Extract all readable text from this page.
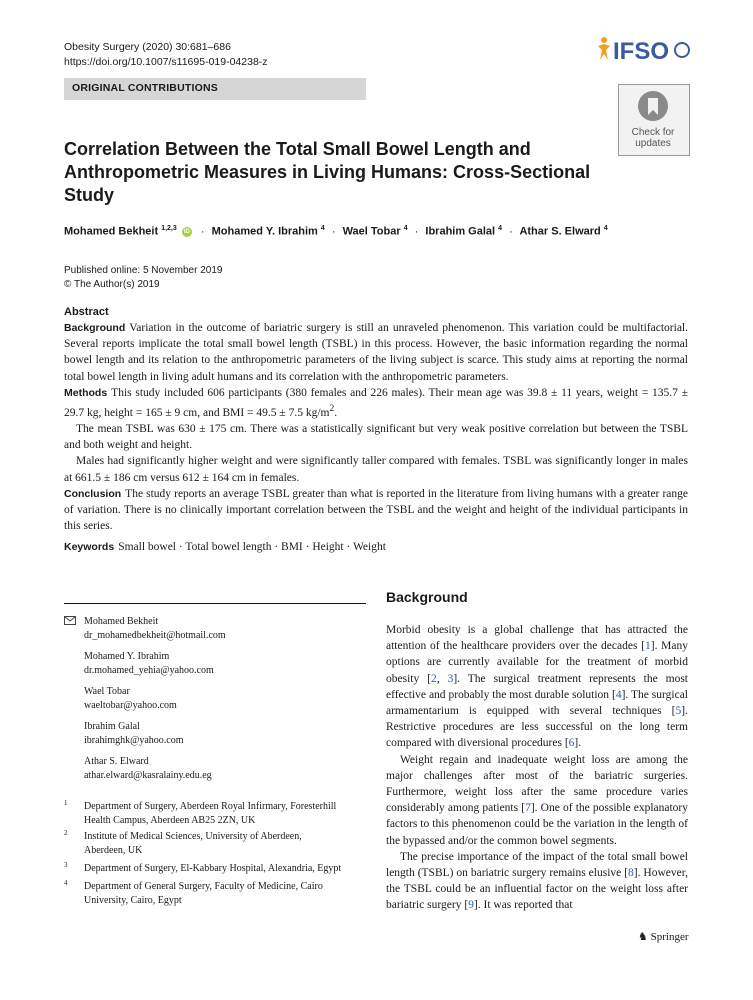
Obesity Surgery (2020) 30:681–686
https://doi.org/10.1007/s11695-019-04238-z	IFSO
ORIGINAL CONTRIBUTIONS
Check for
updates
Correlation Between the Total Small Bowel Length and Anthropometric Measures in Living Humans: Cross-Sectional Study
Mohamed Bekheit $^{1,2,3}$ iD · Mohamed Y. Ibrahim $^4$ · Wael Tobar $^4$ · Ibrahim Galal $^4$ · Athar S. Elward $^4$
Published online: 5 November 2019
© The Author(s) 2019
Abstract

Background Variation in the outcome of bariatric surgery is still an unraveled phenomenon. This variation could be multifactorial. Several reports implicate the total small bowel length (TSBL) in this process. However, the basic information regarding the normal bowel length and its relation to the anthropometric parameters of the living subject is scarce. This study aims at reporting the normal total bowel length in living adult humans and its correlation with the anthropometric parameters.

Methods This study included 606 participants (380 females and 226 males). Their mean age was 39.8 ± 11 years, weight = 135.7 ± 29.7 kg, height = 165 ± 9 cm, and BMI = 49.5 ± 7.5 $kg/m^2$.

The mean TSBL was 630 ± 175 cm. There was a statistically significant but very weak positive correlation but between the TSBL and both weight and height.

Males had significantly higher weight and were significantly taller compared with females. TSBL was significantly longer in males at 661.5 ± 186 cm versus 612 ± 164 cm in females.

Conclusion The study reports an average TSBL greater than what is reported in the literature from living humans with a greater range of variation. There is no clinically important correlation between the TSBL and the weight and height of the individual participants in this series.

Keywords Small bowel · Total bowel length · BMI · Height · Weight
Mohamed Bekheit
dr_mohamedbekheit@hotmail.com
Mohamed Y. Ibrahim
dr.mohamed_yehia@yahoo.com
Wael Tobar
waeltobar@yahoo.com
Ibrahim Galal
ibrahimghk@yahoo.com
Athar S. Elward
athar.elward@kasralainy.edu.eg
1 Department of Surgery, Aberdeen Royal Infirmary, Foresterhill
Health Campus, Aberdeen AB25 2ZN, UK
2 Institute of Medical Sciences, University of Aberdeen,
Aberdeen, UK
3 Department of Surgery, El-Kabbary Hospital, Alexandria, Egypt
4 Department of General Surgery, Faculty of Medicine, Cairo
University, Cairo, Egypt
Background

Morbid obesity is a global challenge that has attracted the attention of the healthcare providers over the decades [1]. Many options are currently available for the treatment of morbid obesity [2, 3]. The surgical treatment represents the most effective and probably the most durable solution [4]. The surgical armamentarium is equipped with several techniques [5]. Restrictive procedures are less successful on the long term compared with diversional procedures [6].

Weight regain and inadequate weight loss are among the major challenges after most of the bariatric surgeries. Furthermore, weight loss after the same procedure varies considerably among patients [7]. One of the possible explanatory factors to this phenomenon could be the variation in the length of the bypassed and/or the common bowel segments.

The precise importance of the impact of the total small bowel length (TSBL) on bariatric surgery remains elusive [8]. However, the TSBL could be an influential factor on the weight loss after bariatric surgery [9]. It was reported that

♞ Springer
